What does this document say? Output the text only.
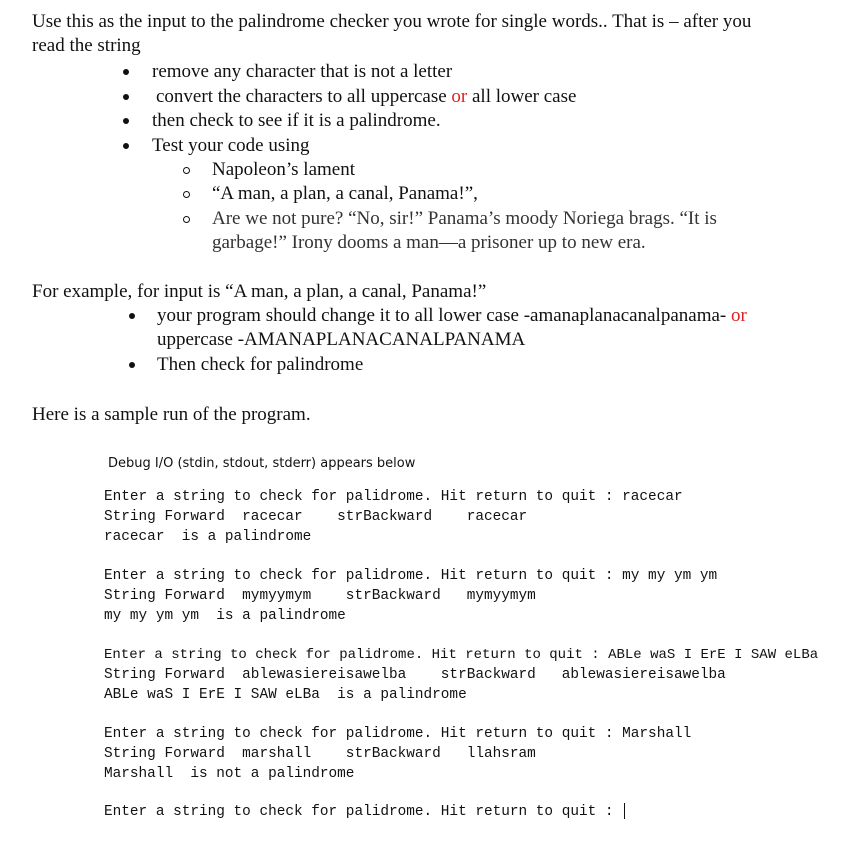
Use this as the input to the palindrome checker you wrote for single words.. That is – after you
read the string
remove any character that is not a letter
convert the characters to all uppercase or all lower case
then check to see if it is a palindrome.
Test your code using
Napoleon’s lament
“A man, a plan, a canal, Panama!”,
Are we not pure? “No, sir!” Panama’s moody Noriega brags. “It is
garbage!” Irony dooms a man—a prisoner up to new era.
For example, for input is “A man, a plan, a canal, Panama!”
your program should change it to all lower case -amanaplanacanalpanama- or
uppercase -AMANAPLANACANALPANAMA
Then check for palindrome
Here is a sample run of the program.
Debug I/O (stdin, stdout, stderr) appears below
Enter a string to check for palidrome. Hit return to quit : racecar
String Forward  racecar    strBackward    racecar
racecar  is a palindrome
Enter a string to check for palidrome. Hit return to quit : my my ym ym
String Forward  mymyymym    strBackward   mymyymym
my my ym ym  is a palindrome
Enter a string to check for palidrome. Hit return to quit : ABLe waS I ErE I SAW eLBa
String Forward  ablewasiereisawelba    strBackward   ablewasiereisawelba
ABLe waS I ErE I SAW eLBa  is a palindrome
Enter a string to check for palidrome. Hit return to quit : Marshall
String Forward  marshall    strBackward   llahsram
Marshall  is not a palindrome
Enter a string to check for palidrome. Hit return to quit :
